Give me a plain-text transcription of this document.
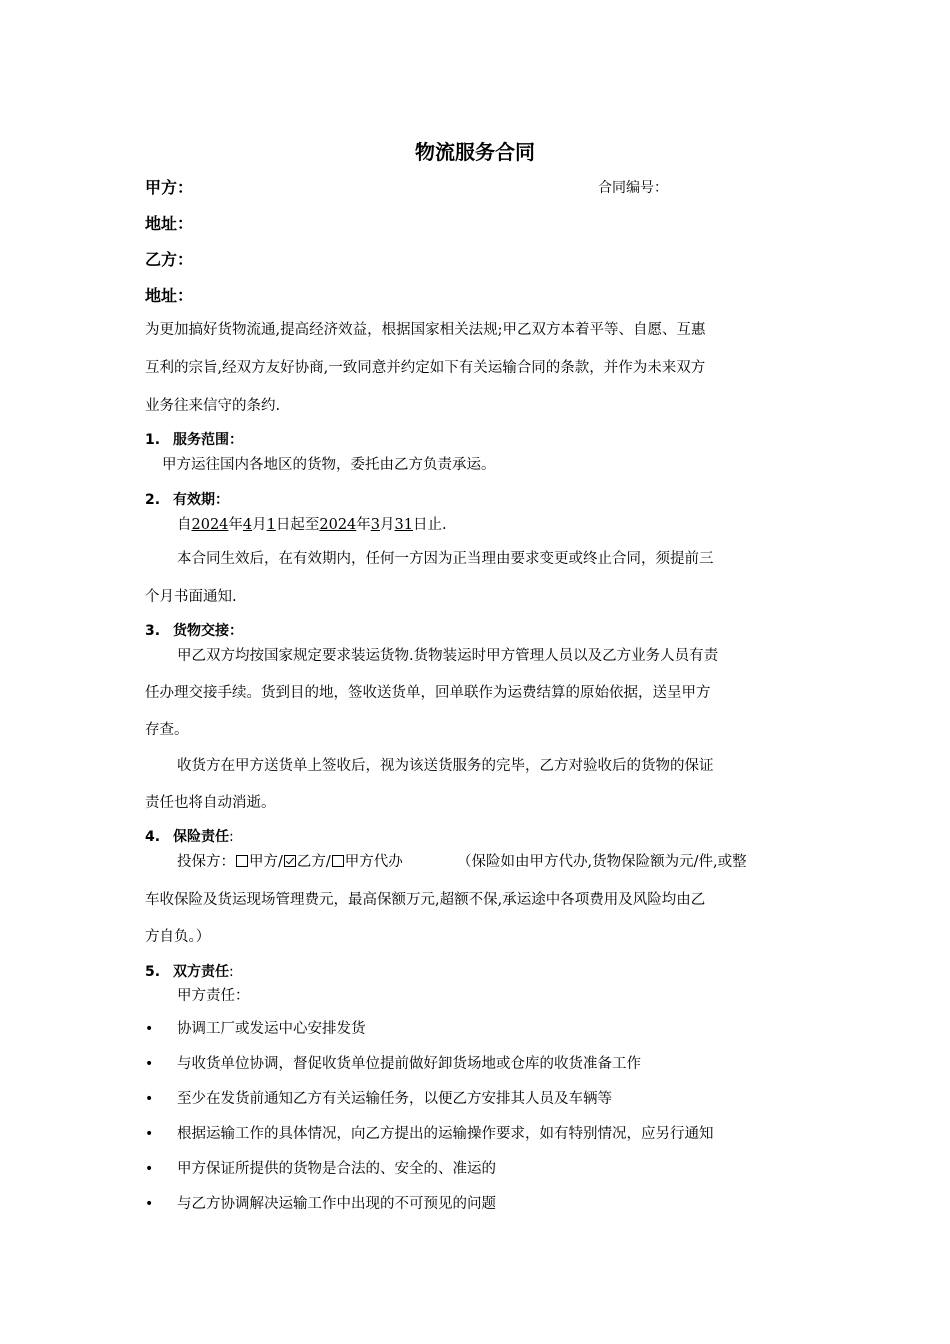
物流服务合同
甲方：	合同编号：
地址：
乙方：
地址：
为更加搞好货物流通,提高经济效益，根据国家相关法规;甲乙双方本着平等、自愿、互惠
互利的宗旨,经双方友好协商,一致同意并约定如下有关运输合同的条款，并作为未来双方
业务往来信守的条约.
1. 服务范围：
甲方运往国内各地区的货物，委托由乙方负责承运。
2. 有效期：
自2024年4月1日起至2024年3月31日止.
本合同生效后，在有效期内，任何一方因为正当理由要求变更或终止合同，须提前三
个月书面通知.
3. 货物交接：
甲乙双方均按国家规定要求装运货物.货物装运时甲方管理人员以及乙方业务人员有责
任办理交接手续。货到目的地，签收送货单，回单联作为运费结算的原始依据，送呈甲方
存查。
收货方在甲方送货单上签收后，视为该送货服务的完毕，乙方对验收后的货物的保证
责任也将自动消逝。
4. 保险责任:
投保方： 甲方/ 乙方/ 甲方代办	（保险如由甲方代办,货物保险额为元/件,或整
车收保险及货运现场管理费元，最高保额万元,超额不保,承运途中各项费用及风险均由乙
方自负。）
5. 双方责任:
甲方责任：
• 协调工厂或发运中心安排发货
• 与收货单位协调，督促收货单位提前做好卸货场地或仓库的收货准备工作
• 至少在发货前通知乙方有关运输任务，以便乙方安排其人员及车辆等
• 根据运输工作的具体情况，向乙方提出的运输操作要求，如有特别情况，应另行通知
• 甲方保证所提供的货物是合法的、安全的、准运的
• 与乙方协调解决运输工作中出现的不可预见的问题
